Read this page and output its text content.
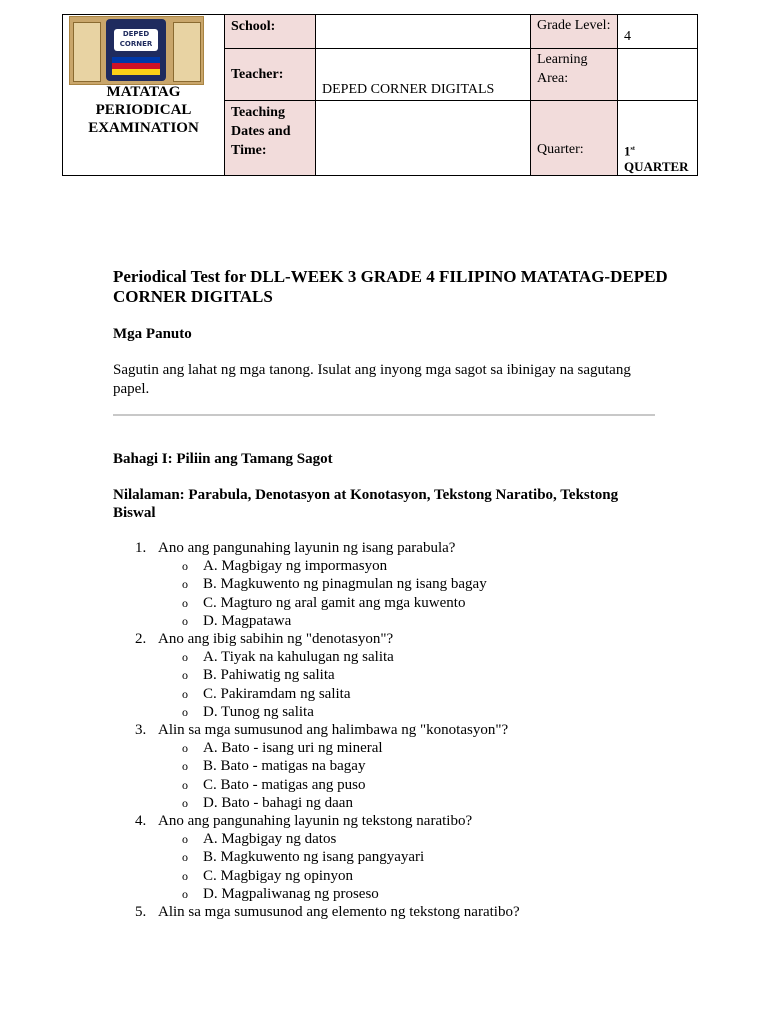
DEPED CORNER
MATATAG PERIODICAL EXAMINATION	School:		Grade Level:	4
	Teacher:	DEPED CORNER DIGITALS	Learning Area:	
	Teaching Dates and Time:		Quarter:	1st
QUARTER
Periodical Test for DLL-WEEK 3 GRADE 4 FILIPINO MATATAG-DEPED CORNER DIGITALS
Mga Panuto
Sagutin ang lahat ng mga tanong. Isulat ang inyong mga sagot sa ibinigay na sagutang papel.
Bahagi I: Piliin ang Tamang Sagot
Nilalaman: Parabula, Denotasyon at Konotasyon, Tekstong Naratibo, Tekstong Biswal
1. Ano ang pangunahing layunin ng isang parabula?
o A. Magbigay ng impormasyon
o B. Magkuwento ng pinagmulan ng isang bagay
o C. Magturo ng aral gamit ang mga kuwento
o D. Magpatawa
2. Ano ang ibig sabihin ng "denotasyon"?
o A. Tiyak na kahulugan ng salita
o B. Pahiwatig ng salita
o C. Pakiramdam ng salita
o D. Tunog ng salita
3. Alin sa mga sumusunod ang halimbawa ng "konotasyon"?
o A. Bato - isang uri ng mineral
o B. Bato - matigas na bagay
o C. Bato - matigas ang puso
o D. Bato - bahagi ng daan
4. Ano ang pangunahing layunin ng tekstong naratibo?
o A. Magbigay ng datos
o B. Magkuwento ng isang pangyayari
o C. Magbigay ng opinyon
o D. Magpaliwanag ng proseso
5. Alin sa mga sumusunod ang elemento ng tekstong naratibo?
